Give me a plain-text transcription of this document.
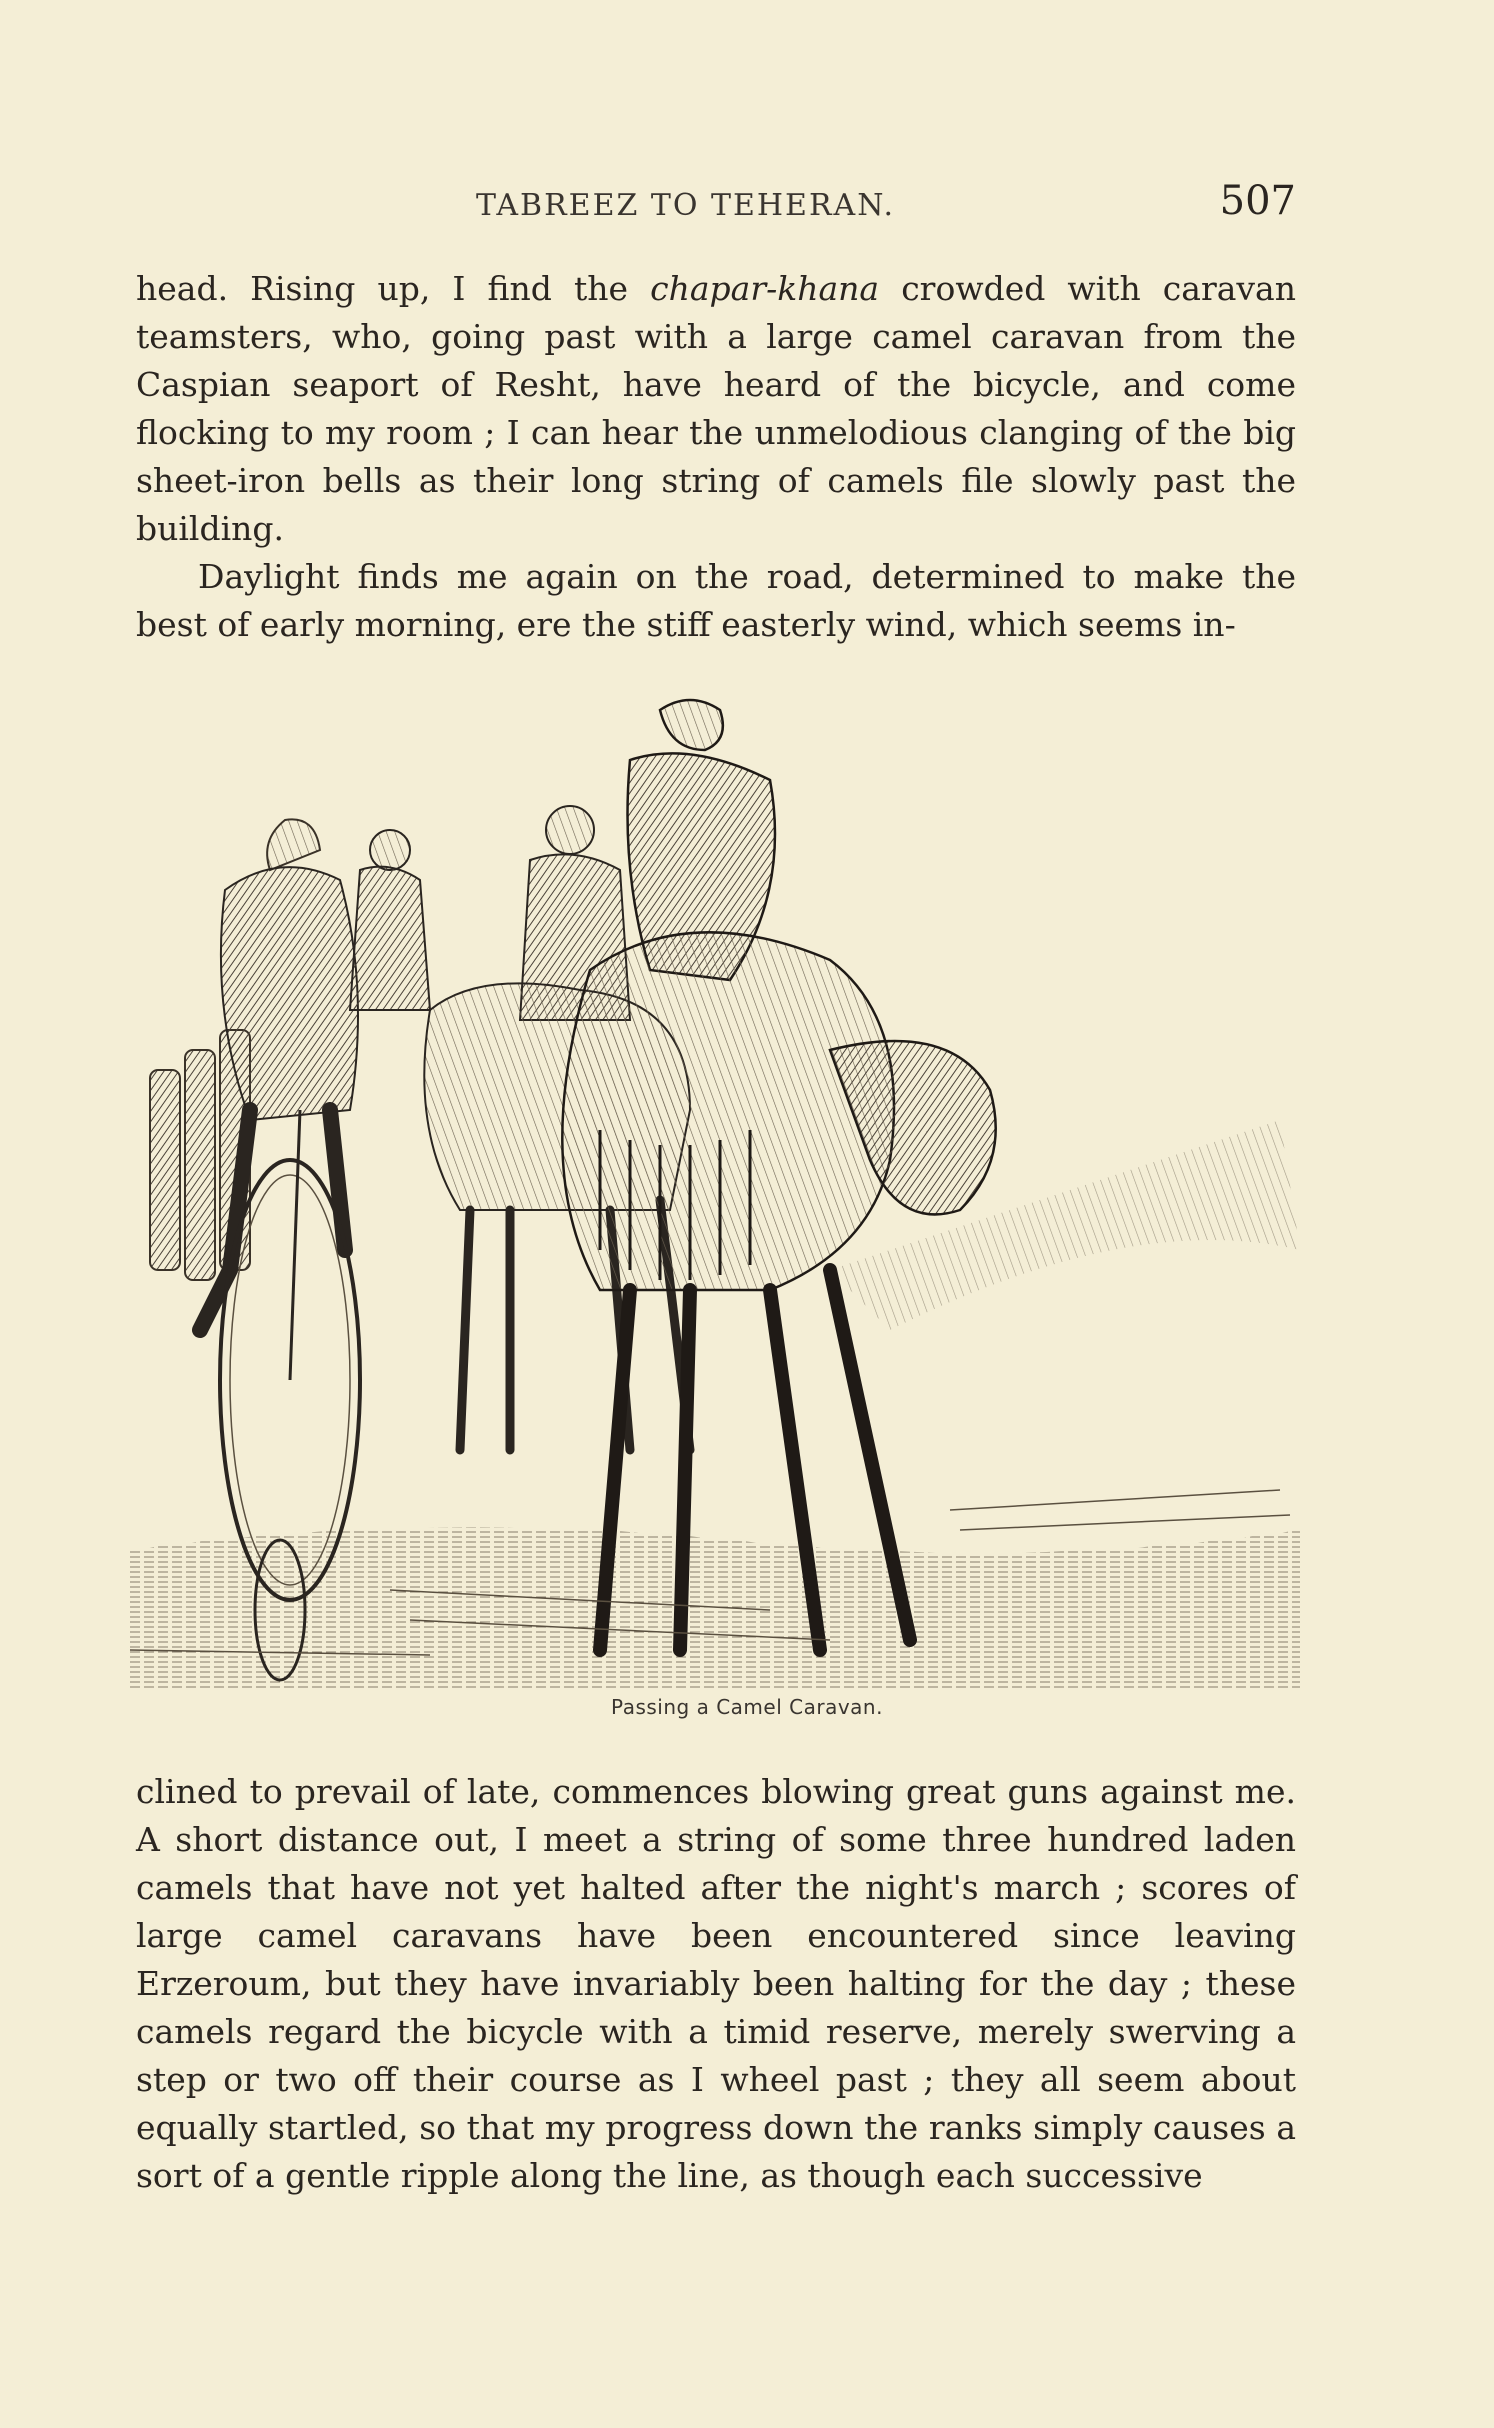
TABREEZ TO TEHERAN.	507

head. Rising up, I find the chapar-khana crowded with caravan teamsters, who, going past with a large camel caravan from the Caspian seaport of Resht, have heard of the bicycle, and come flocking to my room ; I can hear the unmelodious clanging of the big sheet-iron bells as their long string of camels file slowly past the building.

Daylight finds me again on the road, determined to make the best of early morning, ere the stiff easterly wind, which seems in-

Passing a Camel Caravan.

clined to prevail of late, commences blowing great guns against me. A short distance out, I meet a string of some three hundred laden camels that have not yet halted after the night's march ; scores of large camel caravans have been encountered since leaving Erzeroum, but they have invariably been halting for the day ; these camels regard the bicycle with a timid reserve, merely swerving a step or two off their course as I wheel past ; they all seem about equally startled, so that my progress down the ranks simply causes a sort of a gentle ripple along the line, as though each successive
